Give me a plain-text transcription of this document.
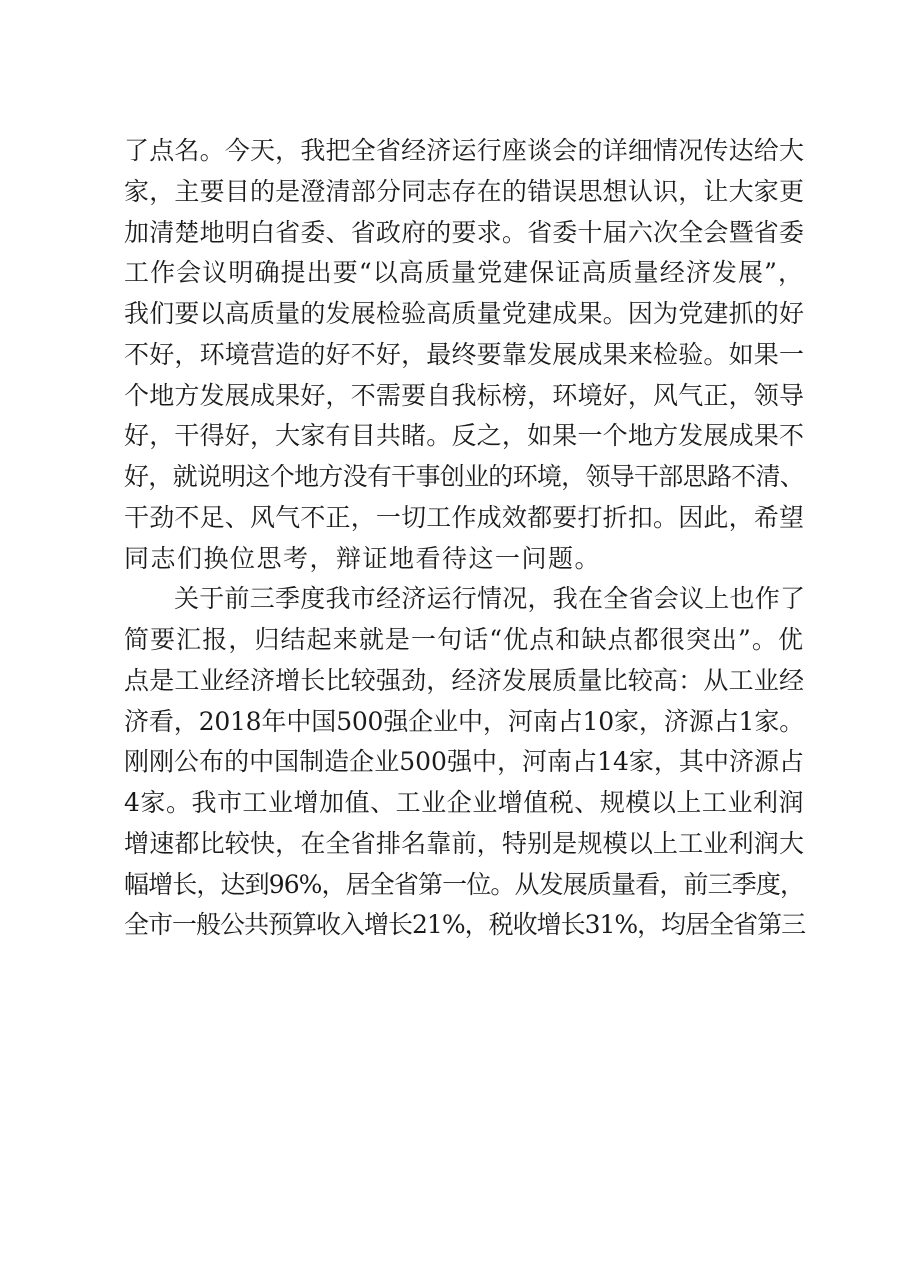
了点名。今天，我把全省经济运行座谈会的详细情况传达给大
家，主要目的是澄清部分同志存在的错误思想认识，让大家更
加清楚地明白省委、省政府的要求。省委十届六次全会暨省委
工作会议明确提出要“以高质量党建保证高质量经济发展”，
我们要以高质量的发展检验高质量党建成果。因为党建抓的好
不好，环境营造的好不好，最终要靠发展成果来检验。如果一
个地方发展成果好，不需要自我标榜，环境好，风气正，领导
好，干得好，大家有目共睹。反之，如果一个地方发展成果不
好，就说明这个地方没有干事创业的环境，领导干部思路不清、
干劲不足、风气不正，一切工作成效都要打折扣。因此，希望
同志们换位思考，辩证地看待这一问题。
关于前三季度我市经济运行情况，我在全省会议上也作了
简要汇报，归结起来就是一句话“优点和缺点都很突出”。优
点是工业经济增长比较强劲，经济发展质量比较高：从工业经
济看，2018年中国500强企业中，河南占10家，济源占1家。
刚刚公布的中国制造企业500强中，河南占14家，其中济源占
4家。我市工业增加值、工业企业增值税、规模以上工业利润
增速都比较快，在全省排名靠前，特别是规模以上工业利润大
幅增长，达到96%，居全省第一位。从发展质量看，前三季度，
全市一般公共预算收入增长21%，税收增长31%，均居全省第三
